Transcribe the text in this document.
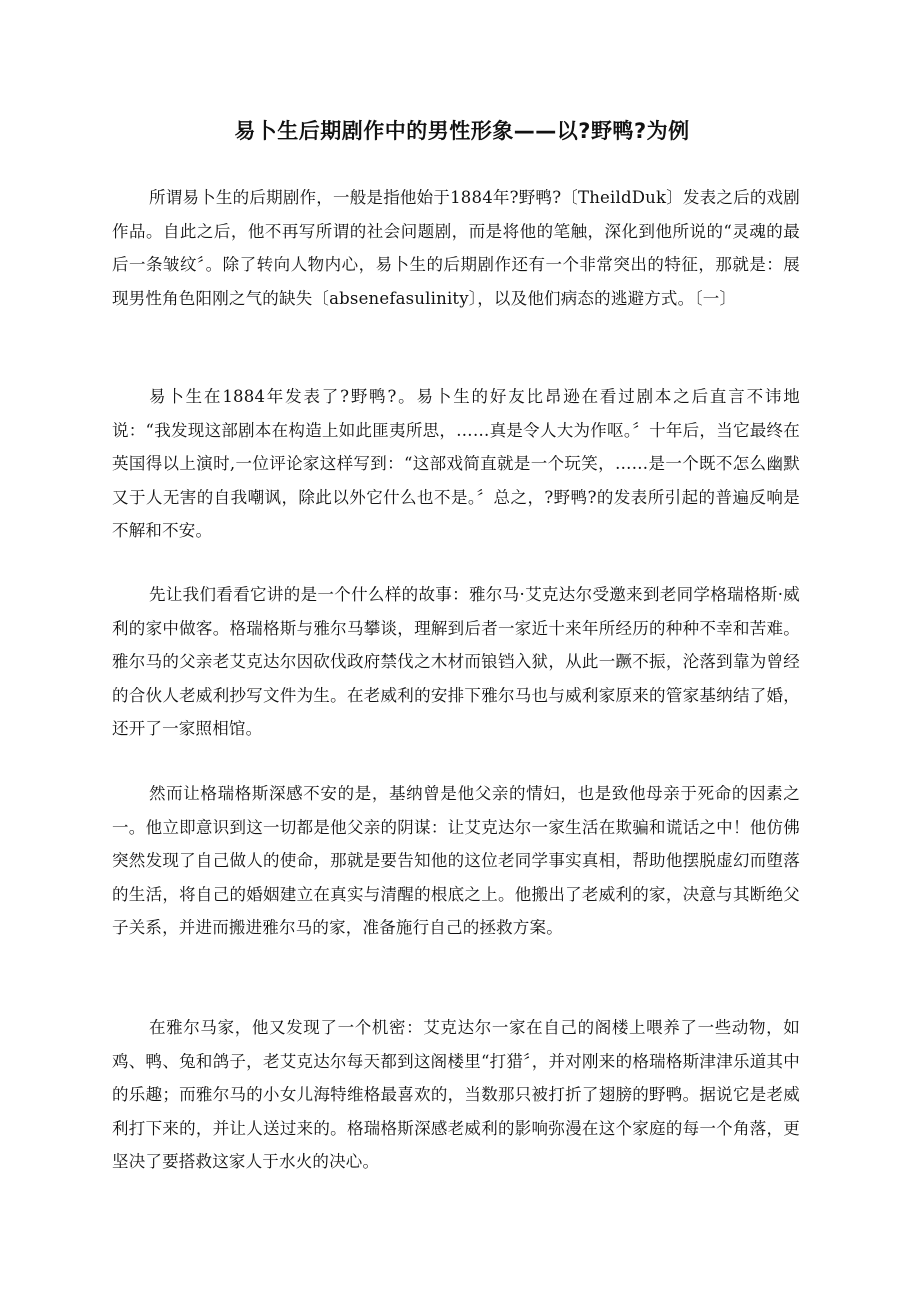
易卜生后期剧作中的男性形象——以?野鸭?为例

所谓易卜生的后期剧作，一般是指他始于1884年?野鸭?〔TheildDuk〕发表之后的戏剧作品。自此之后，他不再写所谓的社会问题剧，而是将他的笔触，深化到他所说的“灵魂的最后一条皱纹〞。除了转向人物内心，易卜生的后期剧作还有一个非常突出的特征，那就是：展现男性角色阳刚之气的缺失〔absenefasulinity〕，以及他们病态的逃避方式。〔一〕

易卜生在1884年发表了?野鸭?。易卜生的好友比昂逊在看过剧本之后直言不讳地说：“我发现这部剧本在构造上如此匪夷所思，……真是令人大为作呕。〞十年后，当它最终在英国得以上演时,一位评论家这样写到：“这部戏简直就是一个玩笑，……是一个既不怎么幽默又于人无害的自我嘲讽，除此以外它什么也不是。〞总之，?野鸭?的发表所引起的普遍反响是不解和不安。

先让我们看看它讲的是一个什么样的故事：雅尔马·艾克达尔受邀来到老同学格瑞格斯·威利的家中做客。格瑞格斯与雅尔马攀谈，理解到后者一家近十来年所经历的种种不幸和苦难。雅尔马的父亲老艾克达尔因砍伐政府禁伐之木材而锒铛入狱，从此一蹶不振，沦落到靠为曾经的合伙人老威利抄写文件为生。在老威利的安排下雅尔马也与威利家原来的管家基纳结了婚，还开了一家照相馆。

然而让格瑞格斯深感不安的是，基纳曾是他父亲的情妇，也是致他母亲于死命的因素之一。他立即意识到这一切都是他父亲的阴谋：让艾克达尔一家生活在欺骗和谎话之中！他仿佛突然发现了自己做人的使命，那就是要告知他的这位老同学事实真相，帮助他摆脱虚幻而堕落的生活，将自己的婚姻建立在真实与清醒的根底之上。他搬出了老威利的家，决意与其断绝父子关系，并进而搬进雅尔马的家，准备施行自己的拯救方案。

在雅尔马家，他又发现了一个机密：艾克达尔一家在自己的阁楼上喂养了一些动物，如鸡、鸭、兔和鸽子，老艾克达尔每天都到这阁楼里“打猎〞，并对刚来的格瑞格斯津津乐道其中的乐趣；而雅尔马的小女儿海特维格最喜欢的，当数那只被打折了翅膀的野鸭。据说它是老威利打下来的，并让人送过来的。格瑞格斯深感老威利的影响弥漫在这个家庭的每一个角落，更坚决了要搭救这家人于水火的决心。
